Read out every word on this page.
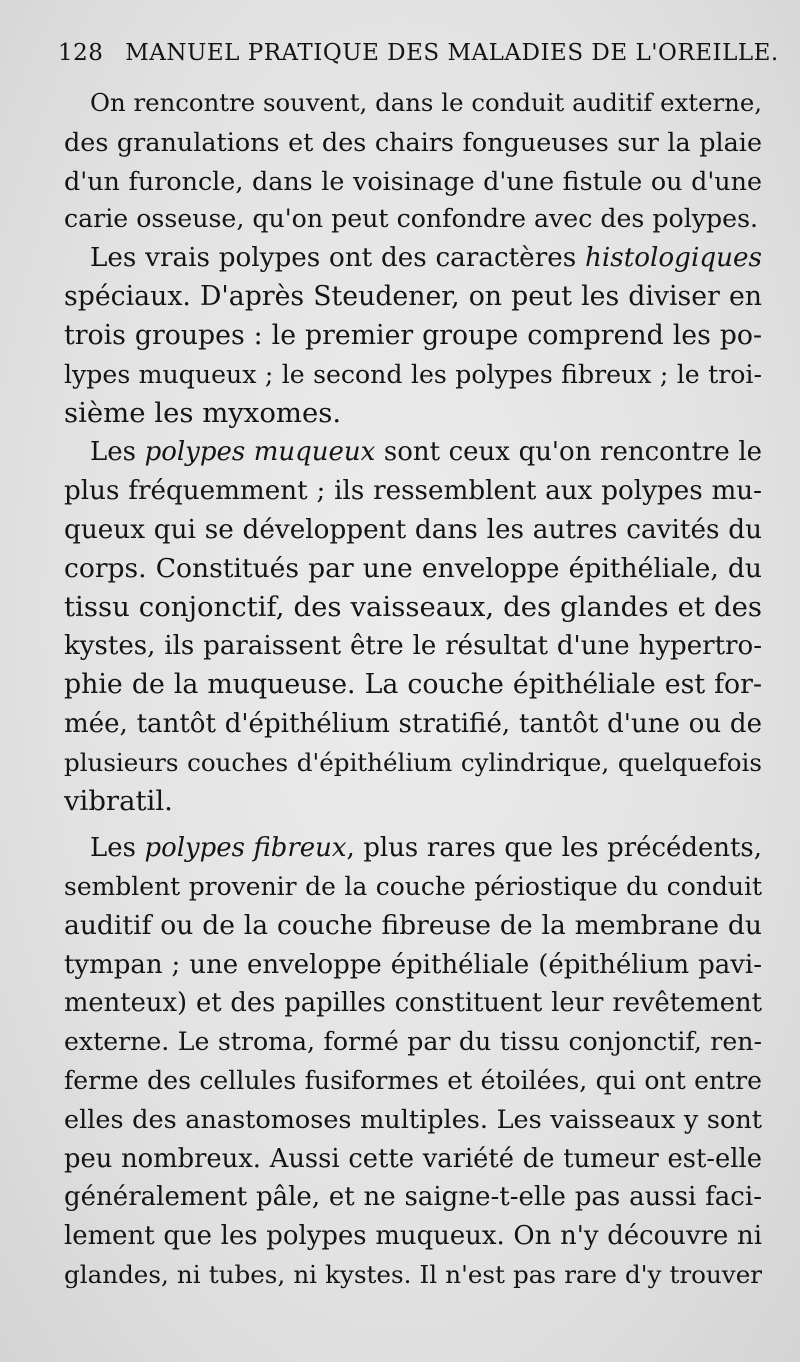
128 MANUEL PRATIQUE DES MALADIES DE L'OREILLE.

On rencontre souvent, dans le conduit auditif externe,
des granulations et des chairs fongueuses sur la plaie
d'un furoncle, dans le voisinage d'une fistule ou d'une
carie osseuse, qu'on peut confondre avec des polypes.

Les vrais polypes ont des caractères histologiques
spéciaux. D'après Steudener, on peut les diviser en
trois groupes : le premier groupe comprend les po-
lypes muqueux ; le second les polypes fibreux ; le troi-
sième les myxomes.

Les polypes muqueux sont ceux qu'on rencontre le
plus fréquemment ; ils ressemblent aux polypes mu-
queux qui se développent dans les autres cavités du
corps. Constitués par une enveloppe épithéliale, du
tissu conjonctif, des vaisseaux, des glandes et des
kystes, ils paraissent être le résultat d'une hypertro-
phie de la muqueuse. La couche épithéliale est for-
mée, tantôt d'épithélium stratifié, tantôt d'une ou de
plusieurs couches d'épithélium cylindrique, quelquefois
vibratil.

Les polypes fibreux, plus rares que les précédents,
semblent provenir de la couche périostique du conduit
auditif ou de la couche fibreuse de la membrane du
tympan ; une enveloppe épithéliale (épithélium pavi-
menteux) et des papilles constituent leur revêtement
externe. Le stroma, formé par du tissu conjonctif, ren-
ferme des cellules fusiformes et étoilées, qui ont entre
elles des anastomoses multiples. Les vaisseaux y sont
peu nombreux. Aussi cette variété de tumeur est-elle
généralement pâle, et ne saigne-t-elle pas aussi faci-
lement que les polypes muqueux. On n'y découvre ni
glandes, ni tubes, ni kystes. Il n'est pas rare d'y trouver
